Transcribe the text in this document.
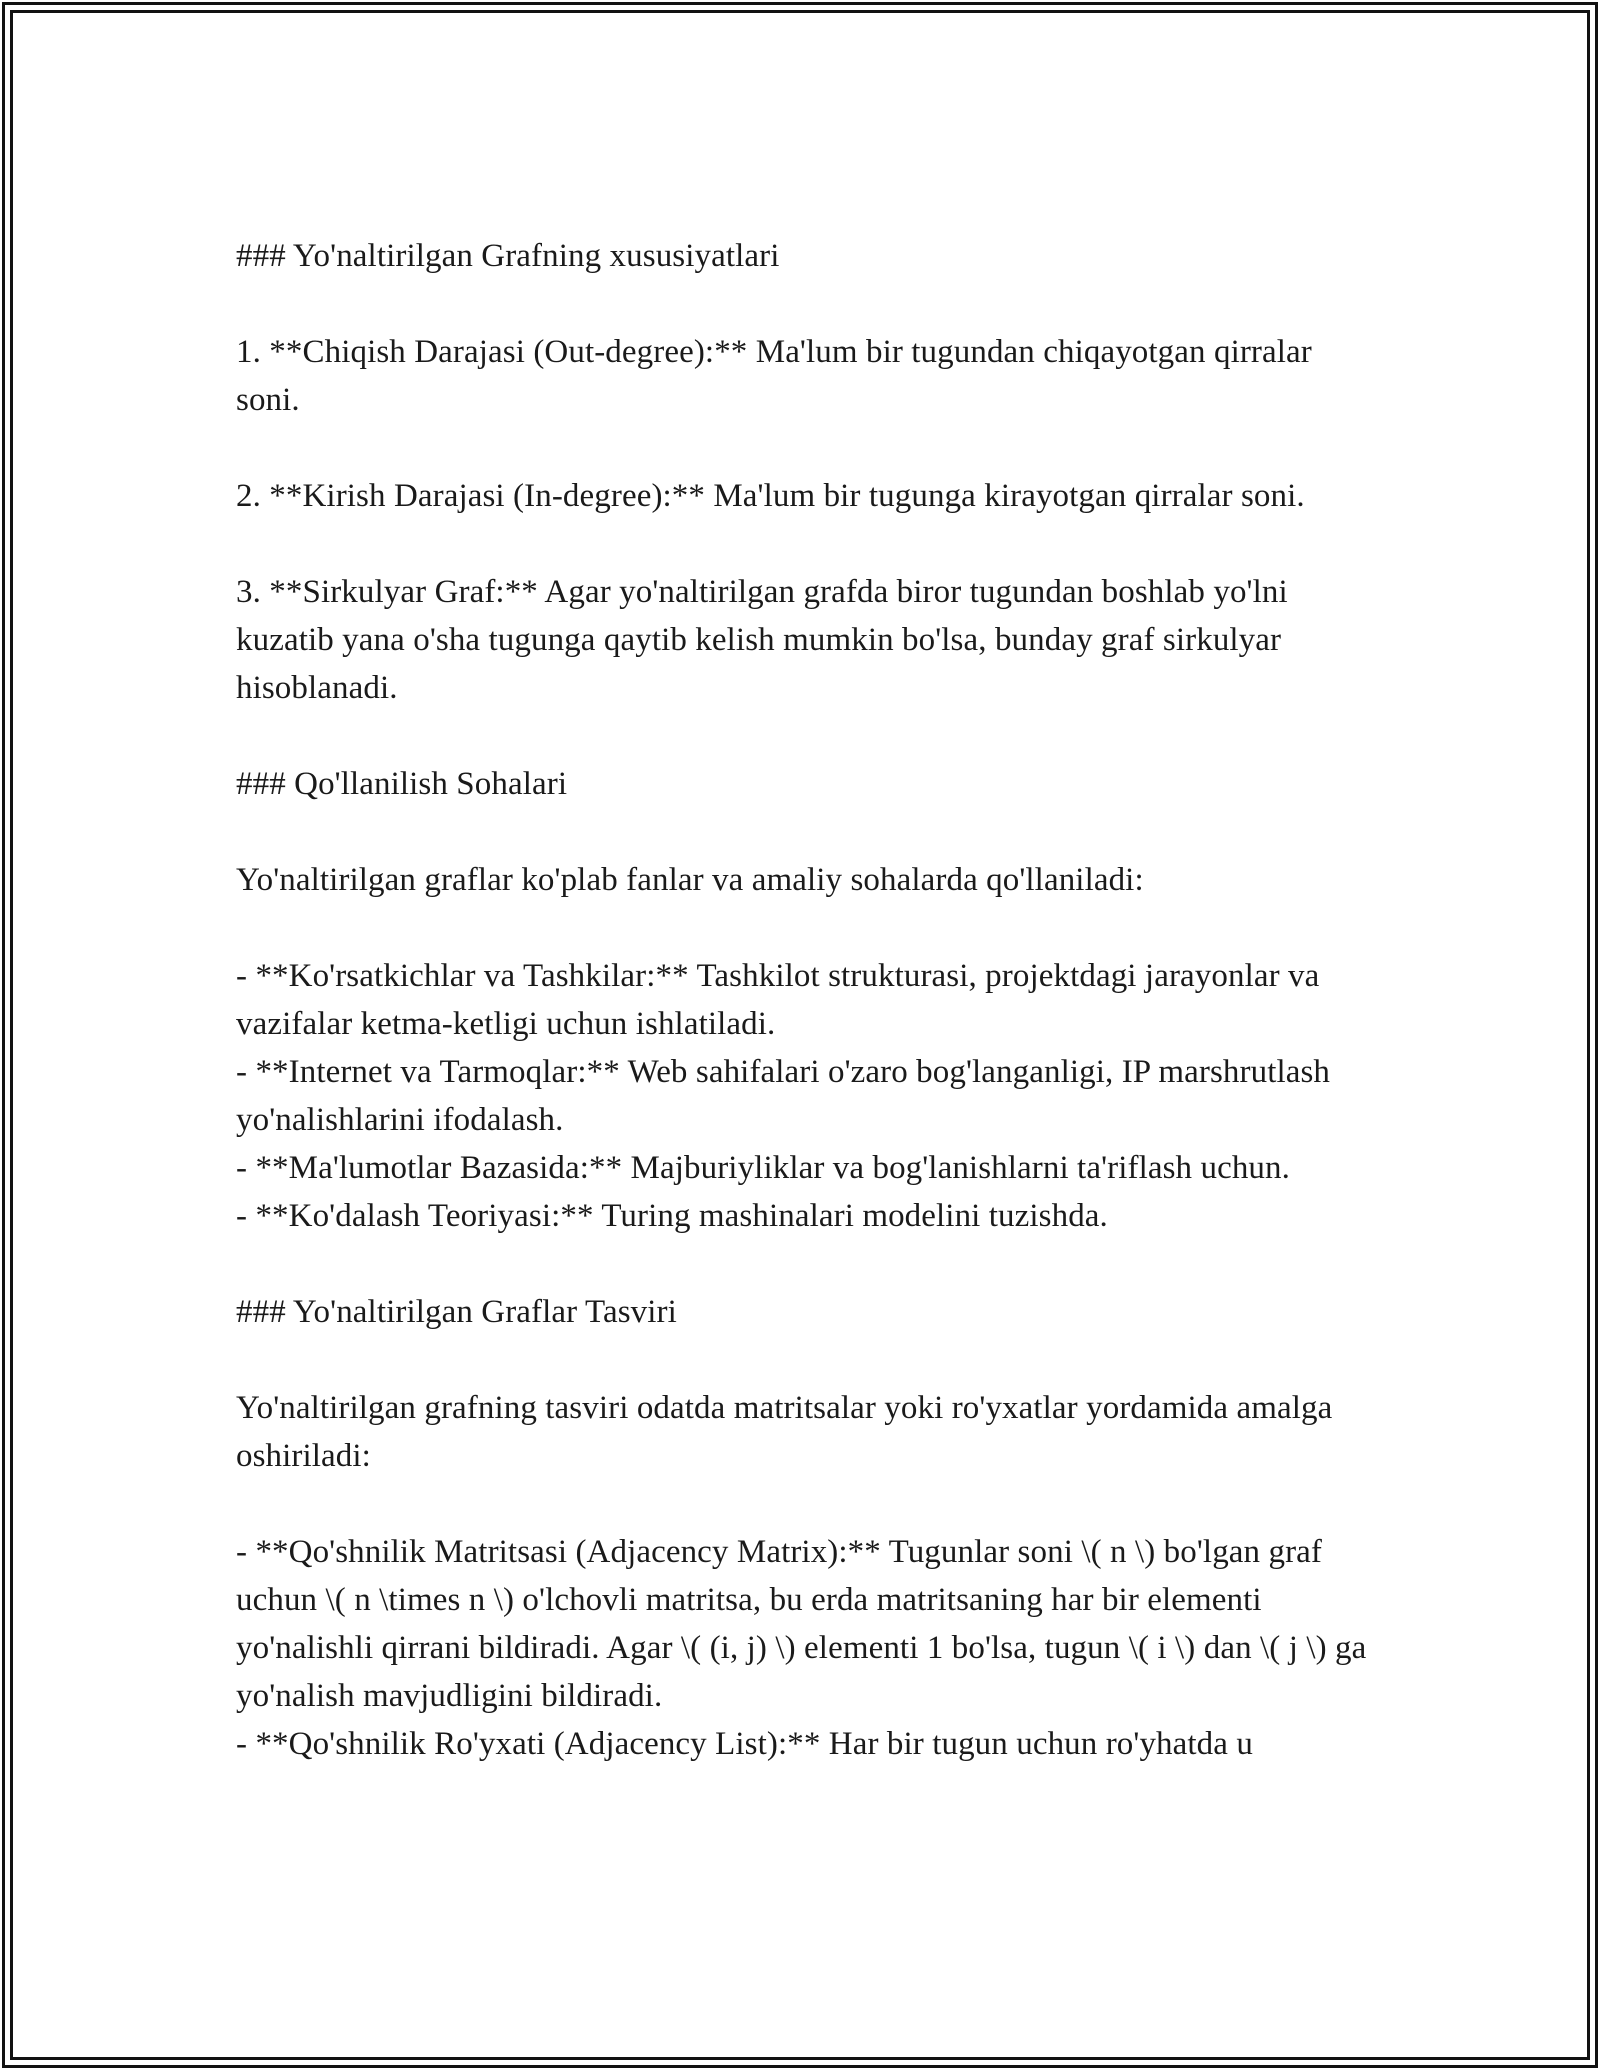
### Yo'naltirilgan Grafning xususiyatlari

1. **Chiqish Darajasi (Out-degree):** Ma'lum bir tugundan chiqayotgan qirralar soni.

2. **Kirish Darajasi (In-degree):** Ma'lum bir tugunga kirayotgan qirralar soni.

3. **Sirkulyar Graf:** Agar yo'naltirilgan grafda biror tugundan boshlab yo'lni kuzatib yana o'sha tugunga qaytib kelish mumkin bo'lsa, bunday graf sirkulyar hisoblanadi.

### Qo'llanilish Sohalari

Yo'naltirilgan graflar ko'plab fanlar va amaliy sohalarda qo'llaniladi:

- **Ko'rsatkichlar va Tashkilar:** Tashkilot strukturasi, projektdagi jarayonlar va vazifalar ketma-ketligi uchun ishlatiladi.

- **Internet va Tarmoqlar:** Web sahifalari o'zaro bog'langanligi, IP marshrutlash yo'nalishlarini ifodalash.

- **Ma'lumotlar Bazasida:** Majburiyliklar va bog'lanishlarni ta'riflash uchun.

- **Ko'dalash Teoriyasi:** Turing mashinalari modelini tuzishda.

### Yo'naltirilgan Graflar Tasviri

Yo'naltirilgan grafning tasviri odatda matritsalar yoki ro'yxatlar yordamida amalga oshiriladi:

- **Qo'shnilik Matritsasi (Adjacency Matrix):** Tugunlar soni \( n \) bo'lgan graf uchun \( n \times n \) o'lchovli matritsa, bu erda matritsaning har bir elementi yo'nalishli qirrani bildiradi. Agar \( (i, j) \) elementi 1 bo'lsa, tugun \( i \) dan \( j \) ga yo'nalish mavjudligini bildiradi.

- **Qo'shnilik Ro'yxati (Adjacency List):** Har bir tugun uchun ro'yhatda u
